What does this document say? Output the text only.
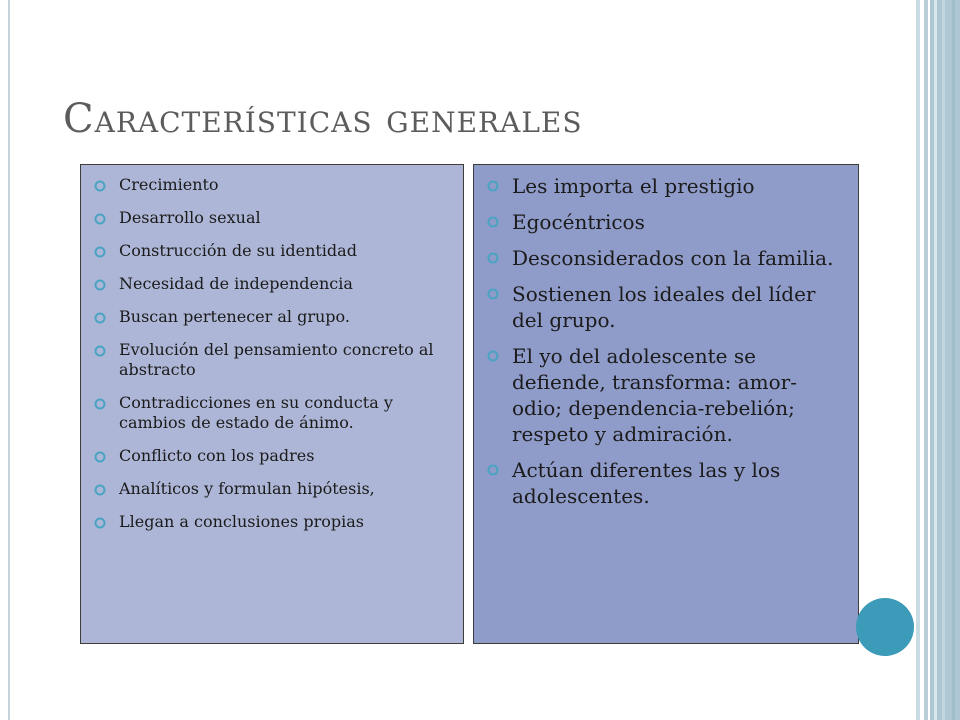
Características generales
Crecimiento
Desarrollo sexual
Construcción de su identidad
Necesidad de independencia
Buscan pertenecer al grupo.
Evolución del pensamiento concreto al abstracto
Contradicciones en su conducta y cambios de estado de ánimo.
Conflicto con los padres
Analíticos y formulan hipótesis,
Llegan a conclusiones propias
Les importa el prestigio
Egocéntricos
Desconsiderados con la familia.
Sostienen los ideales del líder del grupo.
El yo del adolescente se defiende, transforma: amor-odio; dependencia-rebelión; respeto y admiración.
Actúan diferentes las y los adolescentes.
